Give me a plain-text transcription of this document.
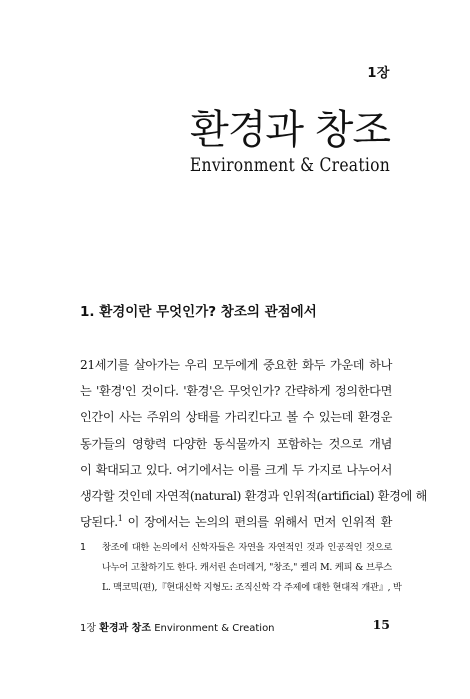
1장
환경과 창조
Environment & Creation
1. 환경이란 무엇인가? 창조의 관점에서
21세기를 살아가는 우리 모두에게 중요한 화두 가운데 하나
는 '환경'인 것이다. '환경'은 무엇인가? 간략하게 정의한다면
인간이 사는 주위의 상태를 가리킨다고 볼 수 있는데 환경운
동가들의 영향력 다양한 동식물까지 포함하는 것으로 개념
이 확대되고 있다. 여기에서는 이를 크게 두 가지로 나누어서
생각할 것인데 자연적(natural) 환경과 인위적(artificial) 환경에 해
당된다.$^1$ 이 장에서는 논의의 편의를 위해서 먼저 인위적 환
1 창조에 대한 논의에서 신학자들은 자연을 자연적인 것과 인공적인 것으로
나누어 고찰하기도 한다. 캐서린 손더레거, "창조," 켈리 M. 케피 & 브루스
L. 맥코믹(편),『현대신학 지형도: 조직신학 각 주제에 대한 현대적 개관』, 박
1장 환경과 창조 Environment & Creation	15
